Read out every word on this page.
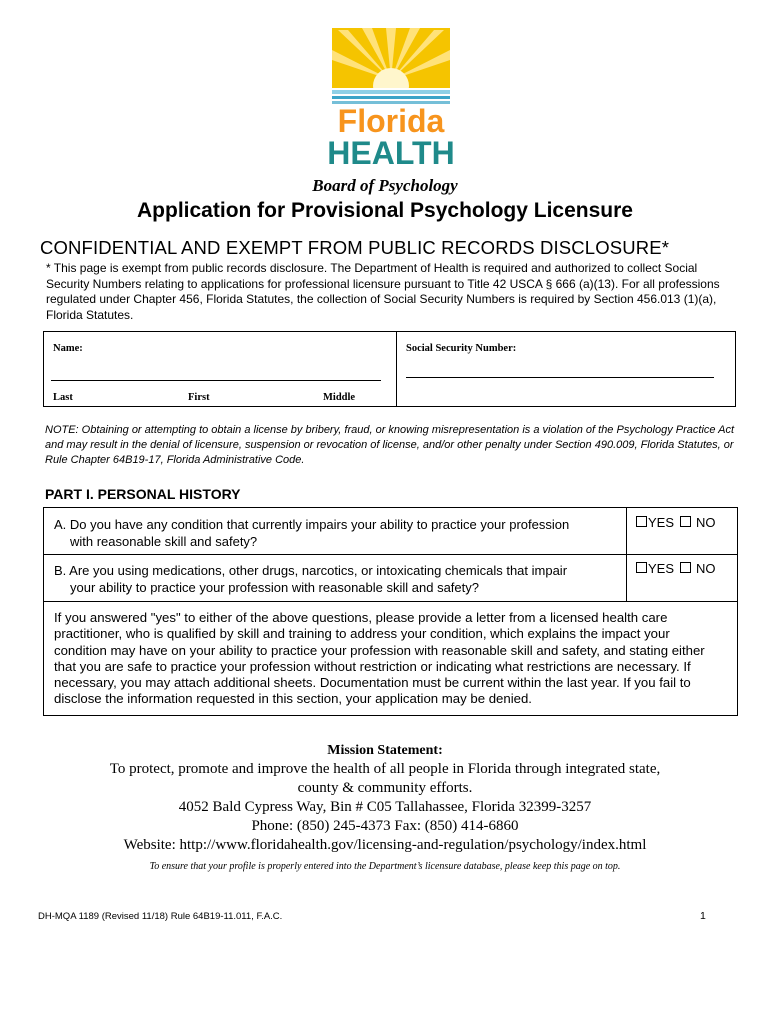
Florida
HEALTH
Board of Psychology
Application for Provisional Psychology Licensure
CONFIDENTIAL AND EXEMPT FROM PUBLIC RECORDS DISCLOSURE*
* This page is exempt from public records disclosure. The Department of Health is required and authorized to collect Social Security Numbers relating to applications for professional licensure pursuant to Title 42 USCA § 666 (a)(13). For all professions regulated under Chapter 456, Florida Statutes, the collection of Social Security Numbers is required by Section 456.013 (1)(a), Florida Statutes.
Name:	Social Security Number:
Last	First	Middle
NOTE: Obtaining or attempting to obtain a license by bribery, fraud, or knowing misrepresentation is a violation of the Psychology Practice Act and may result in the denial of licensure, suspension or revocation of license, and/or other penalty under Section 490.009, Florida Statutes, or Rule Chapter 64B19-17, Florida Administrative Code.
PART I. PERSONAL HISTORY
A. Do you have any condition that currently impairs your ability to practice your profession
with reasonable skill and safety?
YES NO
B. Are you using medications, other drugs, narcotics, or intoxicating chemicals that impair
your ability to practice your profession with reasonable skill and safety?
YES NO
If you answered "yes" to either of the above questions, please provide a letter from a licensed health care practitioner, who is qualified by skill and training to address your condition, which explains the impact your condition may have on your ability to practice your profession with reasonable skill and safety, and stating either that you are safe to practice your profession without restriction or indicating what restrictions are necessary. If necessary, you may attach additional sheets. Documentation must be current within the last year. If you fail to disclose the information requested in this section, your application may be denied.
Mission Statement:
To protect, promote and improve the health of all people in Florida through integrated state,
county & community efforts.
4052 Bald Cypress Way, Bin # C05 Tallahassee, Florida 32399-3257
Phone: (850) 245-4373 Fax: (850) 414-6860
Website: http://www.floridahealth.gov/licensing-and-regulation/psychology/index.html
To ensure that your profile is properly entered into the Department’s licensure database, please keep this page on top.
DH-MQA 1189 (Revised 11/18) Rule 64B19-11.011, F.A.C.	1
